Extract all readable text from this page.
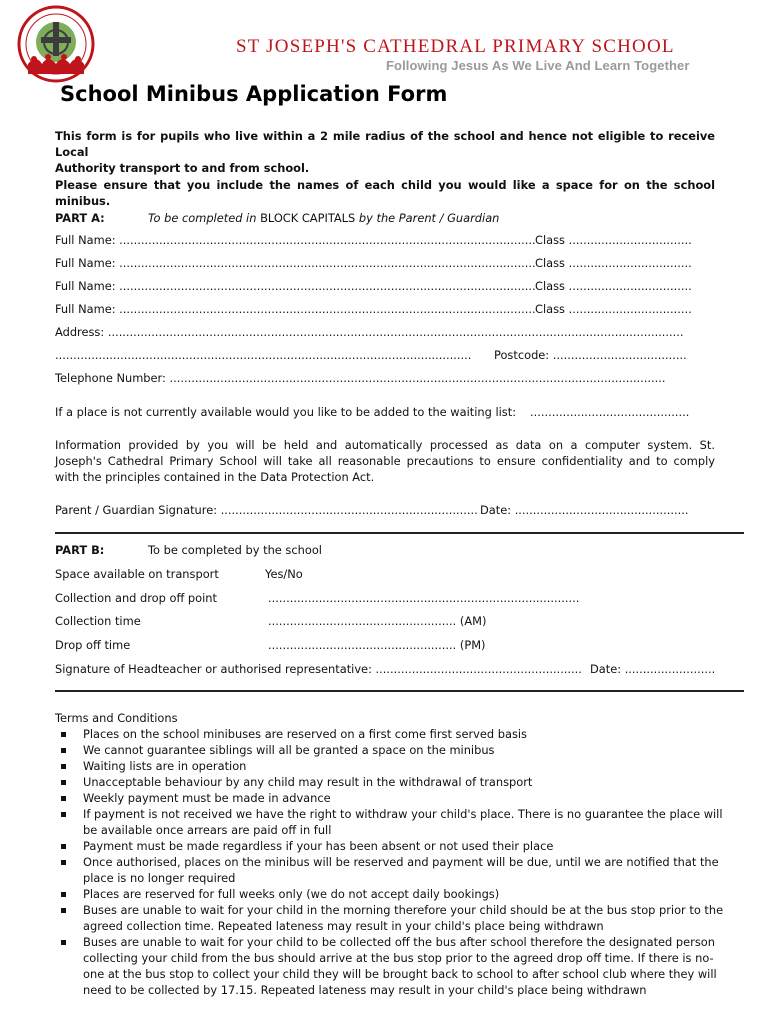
ST JOSEPH'S CATHEDRAL PRIMARY SCHOOL
Following Jesus As We Live And Learn Together
School Minibus Application Form
This form is for pupils who live within a 2 mile radius of the school and hence not eligible to receive Local
Authority transport to and from school.
Please ensure that you include the names of each child you would like a space for on the school minibus.
PART A:	To be completed in BLOCK CAPITALS by the Parent / Guardian
Full Name: ................................................................................................................... Class ..................................
Full Name: ................................................................................................................... Class ..................................
Full Name: ................................................................................................................... Class ..................................
Full Name: ................................................................................................................... Class ..................................
Address: ...............................................................................................................................................................
................................................................................................................... Postcode: .....................................
Telephone Number: .........................................................................................................................................
If a place is not currently available would you like to be added to the waiting list: ............................................
Information provided by you will be held and automatically processed as data on a computer system. St.
Joseph's Cathedral Primary School will take all reasonable precautions to ensure confidentiality and to comply
with the principles contained in the Data Protection Act.
Parent / Guardian Signature: ....................................................................... Date: ................................................
PART B:	To be completed by the school
Space available on transport	Yes/No
Collection and drop off point	......................................................................................
Collection time	.................................................... (AM)
Drop off time	.................................................... (PM)
Signature of Headteacher or authorised representative: ......................................................... Date: .........................
Terms and Conditions
Places on the school minibuses are reserved on a first come first served basis
We cannot guarantee siblings will all be granted a space on the minibus
Waiting lists are in operation
Unacceptable behaviour by any child may result in the withdrawal of transport
Weekly payment must be made in advance
If payment is not received we have the right to withdraw your child's place. There is no guarantee the place will be available once arrears are paid off in full
Payment must be made regardless if your has been absent or not used their place
Once authorised, places on the minibus will be reserved and payment will be due, until we are notified that the place is no longer required
Places are reserved for full weeks only (we do not accept daily bookings)
Buses are unable to wait for your child in the morning therefore your child should be at the bus stop prior to the agreed collection time. Repeated lateness may result in your child's place being withdrawn
Buses are unable to wait for your child to be collected off the bus after school therefore the designated person collecting your child from the bus should arrive at the bus stop prior to the agreed drop off time. If there is no-one at the bus stop to collect your child they will be brought back to school to after school club where they will need to be collected by 17.15. Repeated lateness may result in your child's place being withdrawn
